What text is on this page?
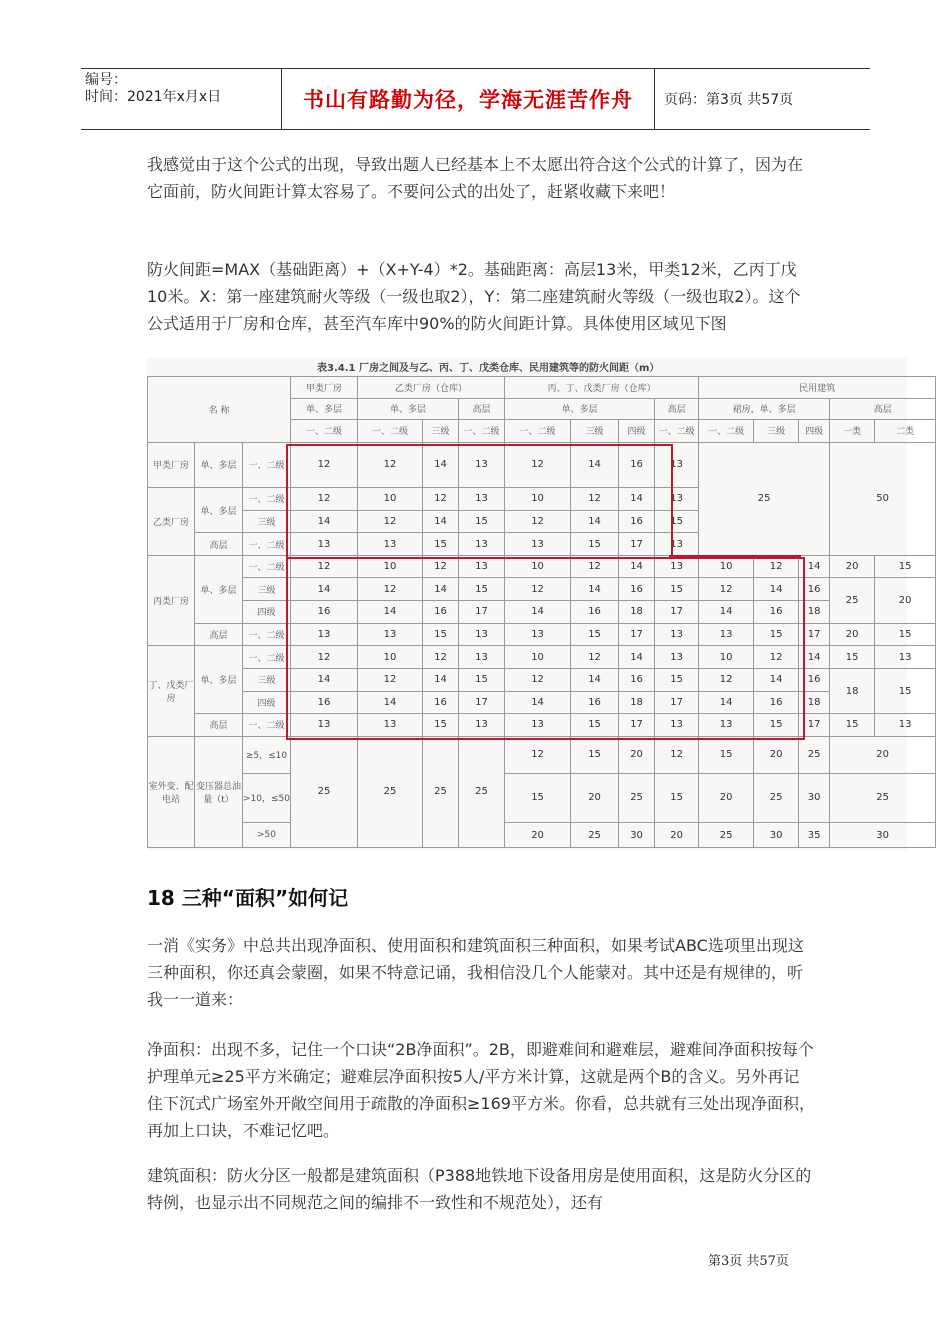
编号：
时间：2021年x月x日	书山有路勤为径，学海无涯苦作舟	页码：第3页 共57页
我感觉由于这个公式的出现，导致出题人已经基本上不太愿出符合这个公式的计算了，因为在它面前，防火间距计算太容易了。不要问公式的出处了，赶紧收藏下来吧！
防火间距=MAX（基础距离）+（X+Y-4）*2。基础距离：高层13米，甲类12米，乙丙丁戊10米。X：第一座建筑耐火等级（一级也取2），Y：第二座建筑耐火等级（一级也取2）。这个公式适用于厂房和仓库，甚至汽车库中90%的防火间距计算。具体使用区域见下图
表3.4.1 厂房之间及与乙、丙、丁、戊类仓库、民用建筑等的防火间距（m）
名 称			甲类厂房	乙类厂房（仓库）			丙、丁、戊类厂房（仓库）				民用建筑				
			单、多层	单、多层		高层	单、多层			高层	裙房，单、多层			高层	
			一、二级	一、二级	三级	一、二级	一、二级	三级	四级	一、二级	一、二级	三级	四级	一类	二类
甲类厂房	单、多层	一、二级	12	12	14	13	12	14	16	13	25			50	
乙类厂房	单、多层	一、二级	12	10	12	13	10	12	14	13					
		三级	14	12	14	15	12	14	16	15					
	高层	一、二级	13	13	15	13	13	15	17	13					
丙类厂房	单、多层	一、二级	12	10	12	13	10	12	14	13	10	12	14	20	15
		三级	14	12	14	15	12	14	16	15	12	14	16	25	20
		四级	16	14	16	17	14	16	18	17	14	16	18		
	高层	一、二级	13	13	15	13	13	15	17	13	13	15	17	20	15
丁、戊类厂房	单、多层	一、二级	12	10	12	13	10	12	14	13	10	12	14	15	13
		三级	14	12	14	15	12	14	16	15	12	14	16	18	15
		四级	16	14	16	17	14	16	18	17	14	16	18		
	高层	一、二级	13	13	15	13	13	15	17	13	13	15	17	15	13
室外变、配电站	变压器总油量（t）	≥5，≤10	25	25	25	25	12	15	20	12	15	20	25	20	
		>10，≤50					15	20	25	15	20	25	30	25	
		>50					20	25	30	20	25	30	35	30	
18 三种“面积”如何记
一消《实务》中总共出现净面积、使用面积和建筑面积三种面积，如果考试ABC选项里出现这三种面积，你还真会蒙圈，如果不特意记诵，我相信没几个人能蒙对。其中还是有规律的，听我一一道来：
净面积：出现不多，记住一个口诀“2B净面积”。2B，即避难间和避难层，避难间净面积按每个护理单元≥25平方米确定；避难层净面积按5人/平方米计算，这就是两个B的含义。另外再记住下沉式广场室外开敞空间用于疏散的净面积≥169平方米。你看，总共就有三处出现净面积，再加上口诀，不难记忆吧。
建筑面积：防火分区一般都是建筑面积（P388地铁地下设备用房是使用面积，这是防火分区的特例，也显示出不同规范之间的编排不一致性和不规范处），还有
第3页 共57页
